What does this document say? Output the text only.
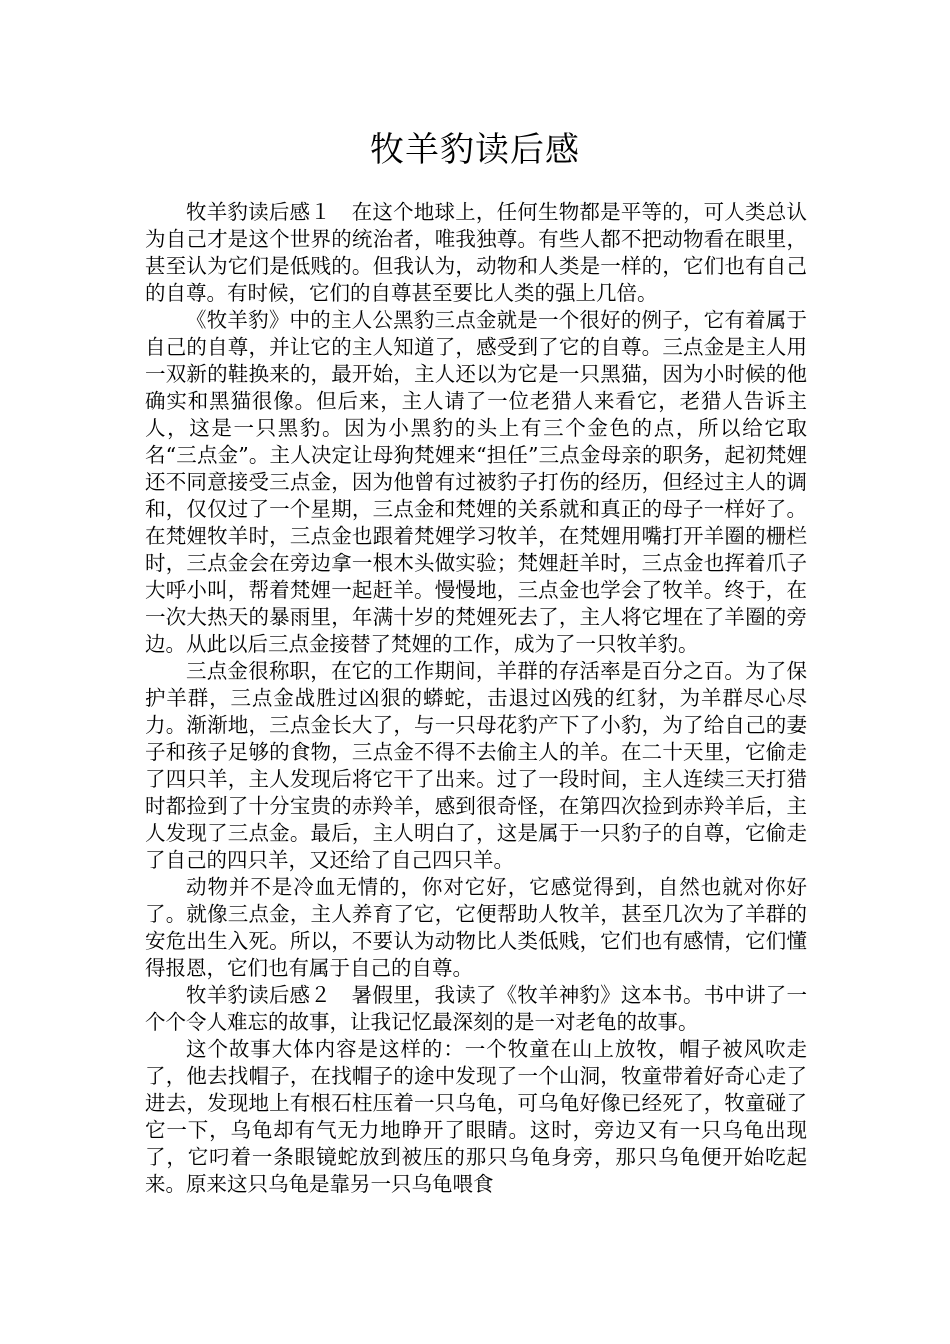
牧羊豹读后感

牧羊豹读后感１　在这个地球上，任何生物都是平等的，可人类总认为自己才是这个世界的统治者，唯我独尊。有些人都不把动物看在眼里，甚至认为它们是低贱的。但我认为，动物和人类是一样的，它们也有自己的自尊。有时候，它们的自尊甚至要比人类的强上几倍。

《牧羊豹》中的主人公黑豹三点金就是一个很好的例子，它有着属于自己的自尊，并让它的主人知道了，感受到了它的自尊。三点金是主人用一双新的鞋换来的，最开始，主人还以为它是一只黑猫，因为小时候的他确实和黑猫很像。但后来，主人请了一位老猎人来看它，老猎人告诉主人，这是一只黑豹。因为小黑豹的头上有三个金色的点，所以给它取名“三点金”。主人决定让母狗梵娌来“担任”三点金母亲的职务，起初梵娌还不同意接受三点金，因为他曾有过被豹子打伤的经历，但经过主人的调和，仅仅过了一个星期，三点金和梵娌的关系就和真正的母子一样好了。在梵娌牧羊时，三点金也跟着梵娌学习牧羊，在梵娌用嘴打开羊圈的栅栏时，三点金会在旁边拿一根木头做实验；梵娌赶羊时，三点金也挥着爪子大呼小叫，帮着梵娌一起赶羊。慢慢地，三点金也学会了牧羊。终于，在一次大热天的暴雨里，年满十岁的梵娌死去了，主人将它埋在了羊圈的旁边。从此以后三点金接替了梵娌的工作，成为了一只牧羊豹。

三点金很称职，在它的工作期间，羊群的存活率是百分之百。为了保护羊群，三点金战胜过凶狠的蟒蛇，击退过凶残的红豺，为羊群尽心尽力。渐渐地，三点金长大了，与一只母花豹产下了小豹，为了给自己的妻子和孩子足够的食物，三点金不得不去偷主人的羊。在二十天里，它偷走了四只羊，主人发现后将它干了出来。过了一段时间，主人连续三天打猎时都捡到了十分宝贵的赤羚羊，感到很奇怪，在第四次捡到赤羚羊后，主人发现了三点金。最后，主人明白了，这是属于一只豹子的自尊，它偷走了自己的四只羊，又还给了自己四只羊。

动物并不是冷血无情的，你对它好，它感觉得到，自然也就对你好了。就像三点金，主人养育了它，它便帮助人牧羊，甚至几次为了羊群的安危出生入死。所以，不要认为动物比人类低贱，它们也有感情，它们懂得报恩，它们也有属于自己的自尊。

牧羊豹读后感２　暑假里，我读了《牧羊神豹》这本书。书中讲了一个个令人难忘的故事，让我记忆最深刻的是一对老龟的故事。

这个故事大体内容是这样的：一个牧童在山上放牧，帽子被风吹走了，他去找帽子，在找帽子的途中发现了一个山洞，牧童带着好奇心走了进去，发现地上有根石柱压着一只乌龟，可乌龟好像已经死了，牧童碰了它一下，乌龟却有气无力地睁开了眼睛。这时，旁边又有一只乌龟出现了，它叼着一条眼镜蛇放到被压的那只乌龟身旁，那只乌龟便开始吃起来。原来这只乌龟是靠另一只乌龟喂食
